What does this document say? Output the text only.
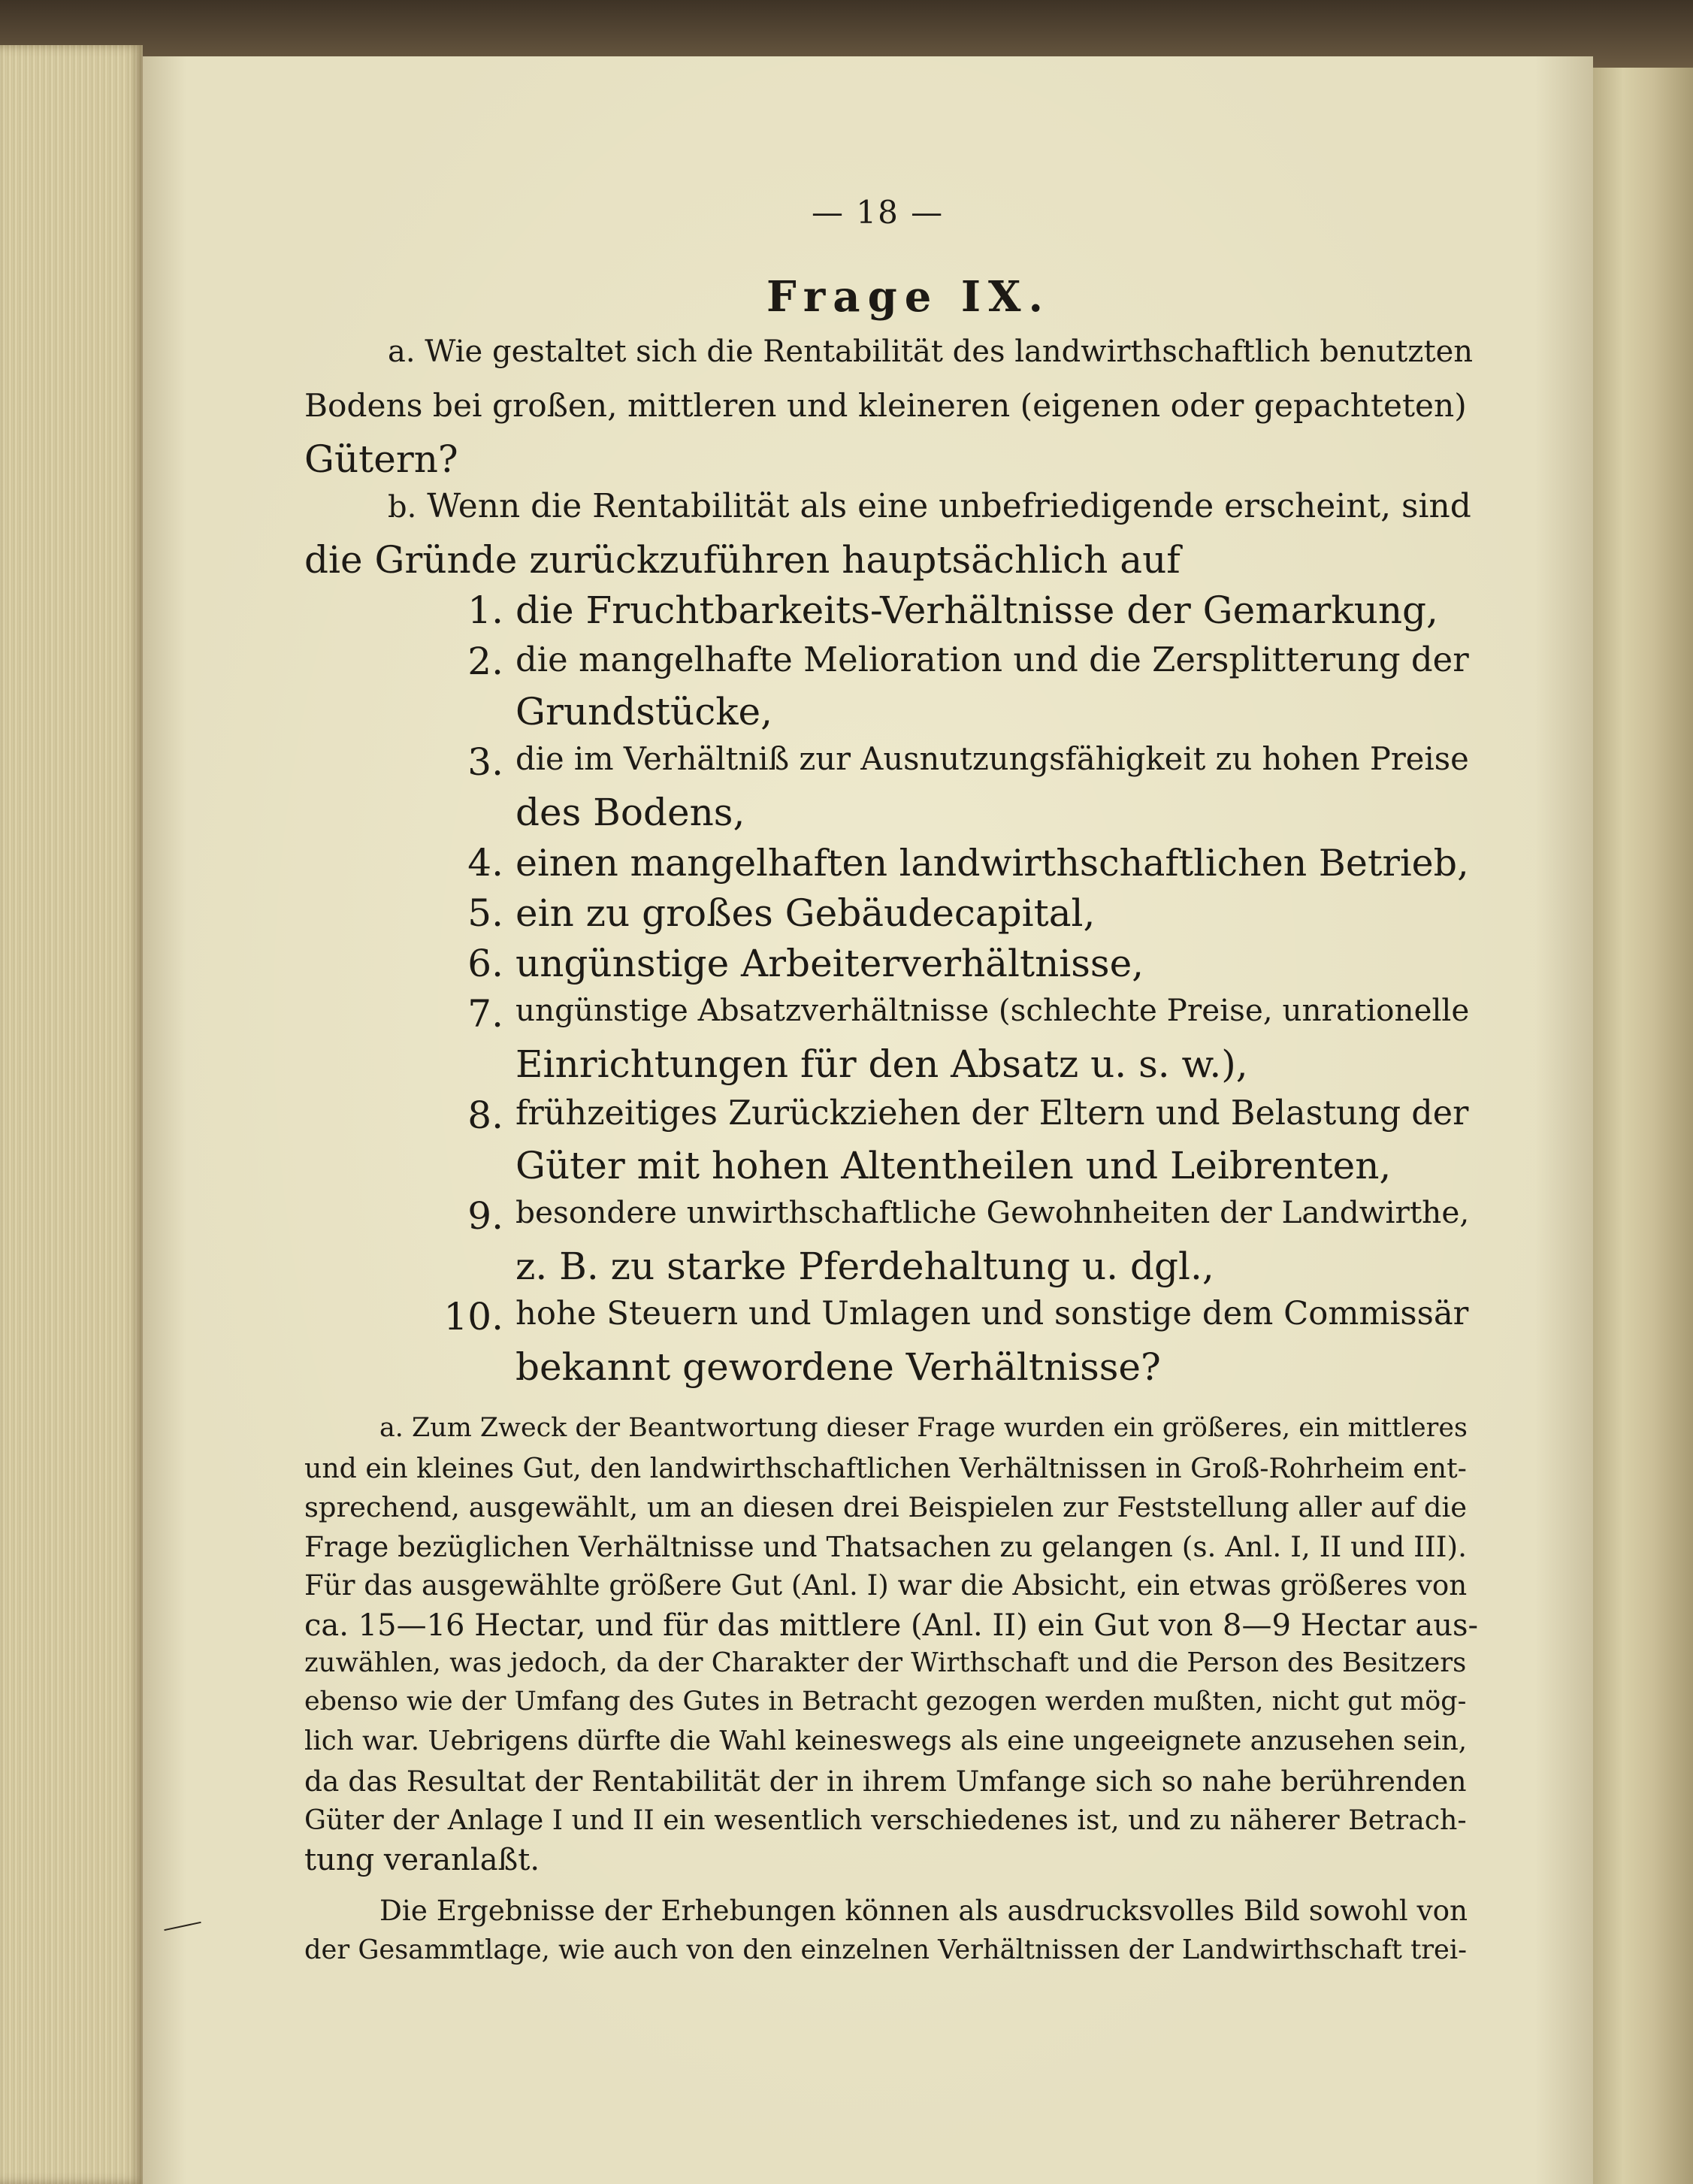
— 18 —
Frage IX.
a. Wie gestaltet sich die Rentabilität des landwirthschaftlich benutzten
Bodens bei großen, mittleren und kleineren (eigenen oder gepachteten)
Gütern?
b. Wenn die Rentabilität als eine unbefriedigende erscheint, sind
die Gründe zurückzuführen hauptsächlich auf
1. die Fruchtbarkeits-Verhältnisse der Gemarkung,
2. die mangelhafte Melioration und die Zersplitterung der
Grundstücke,
3. die im Verhältniß zur Ausnutzungsfähigkeit zu hohen Preise
des Bodens,
4. einen mangelhaften landwirthschaftlichen Betrieb,
5. ein zu großes Gebäudecapital,
6. ungünstige Arbeiterverhältnisse,
7. ungünstige Absatzverhältnisse (schlechte Preise, unrationelle
Einrichtungen für den Absatz u. s. w.),
8. frühzeitiges Zurückziehen der Eltern und Belastung der
Güter mit hohen Altentheilen und Leibrenten,
9. besondere unwirthschaftliche Gewohnheiten der Landwirthe,
z. B. zu starke Pferdehaltung u. dgl.,
10. hohe Steuern und Umlagen und sonstige dem Commissär
bekannt gewordene Verhältnisse?
a. Zum Zweck der Beantwortung dieser Frage wurden ein größeres, ein mittleres
und ein kleines Gut, den landwirthschaftlichen Verhältnissen in Groß-Rohrheim ent-
sprechend, ausgewählt, um an diesen drei Beispielen zur Feststellung aller auf die
Frage bezüglichen Verhältnisse und Thatsachen zu gelangen (s. Anl. I, II und III).
Für das ausgewählte größere Gut (Anl. I) war die Absicht, ein etwas größeres von
ca. 15—16 Hectar, und für das mittlere (Anl. II) ein Gut von 8—9 Hectar aus-
zuwählen, was jedoch, da der Charakter der Wirthschaft und die Person des Besitzers
ebenso wie der Umfang des Gutes in Betracht gezogen werden mußten, nicht gut mög-
lich war. Uebrigens dürfte die Wahl keineswegs als eine ungeeignete anzusehen sein,
da das Resultat der Rentabilität der in ihrem Umfange sich so nahe berührenden
Güter der Anlage I und II ein wesentlich verschiedenes ist, und zu näherer Betrach-
tung veranlaßt.
Die Ergebnisse der Erhebungen können als ausdrucksvolles Bild sowohl von
der Gesammtlage, wie auch von den einzelnen Verhältnissen der Landwirthschaft trei-
